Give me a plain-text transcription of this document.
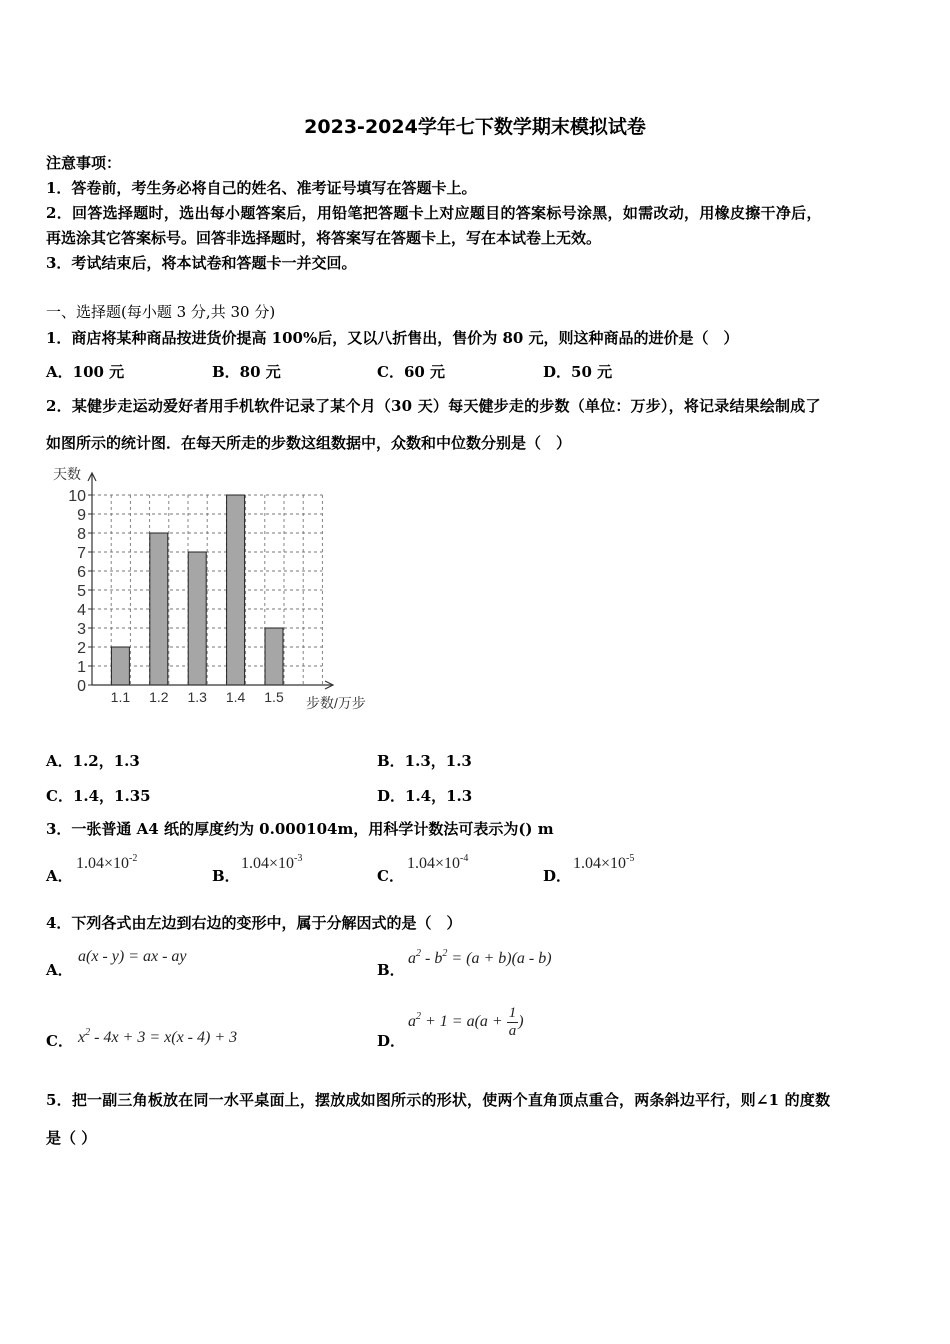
2023-2024学年七下数学期末模拟试卷
注意事项：
1．答卷前，考生务必将自己的姓名、准考证号填写在答题卡上。
2．回答选择题时，选出每小题答案后，用铅笔把答题卡上对应题目的答案标号涂黑，如需改动，用橡皮擦干净后，
再选涂其它答案标号。回答非选择题时，将答案写在答题卡上，写在本试卷上无效。
3．考试结束后，将本试卷和答题卡一并交回。
一、选择题(每小题 3 分,共 30 分)
1．商店将某种商品按进货价提高 100%后，又以八折售出，售价为 80 元，则这种商品的进价是（　）
A．100 元	B．80 元	C．60 元	D．50 元
2．某健步走运动爱好者用手机软件记录了某个月（30 天）每天健步走的步数（单位：万步），将记录结果绘制成了
如图所示的统计图．在每天所走的步数这组数据中，众数和中位数分别是（　）
0
1
2
3
4
5
6
7
8
9
10
1.1 1.2 1.3 1.4 1.5
天数
步数/万步
A．1.2，1.3	B．1.3，1.3
C．1.4，1.35	D．1.4，1.3
3．一张普通 A4 纸的厚度约为 0.000104m，用科学计数法可表示为() m
A．
$1.04\times 10^{-2}$
B．
$1.04\times 10^{-3}$
C．
$1.04\times 10^{-4}$
D．
$1.04\times 10^{-5}$
4．下列各式由左边到右边的变形中，属于分解因式的是（　）
A．
a(x - y) = ax - ay
B．
$a^2 - b^2 = (a + b)(a - b)$
C． $x^2 - 4x + 3 = x(x - 4) + 3$	D．
$a^2 + 1 = a(a + \frac{1}{a}$ )
5．把一副三角板放在同一水平桌面上，摆放成如图所示的形状，使两个直角顶点重合，两条斜边平行，则∠1 的度数
是（ ）
